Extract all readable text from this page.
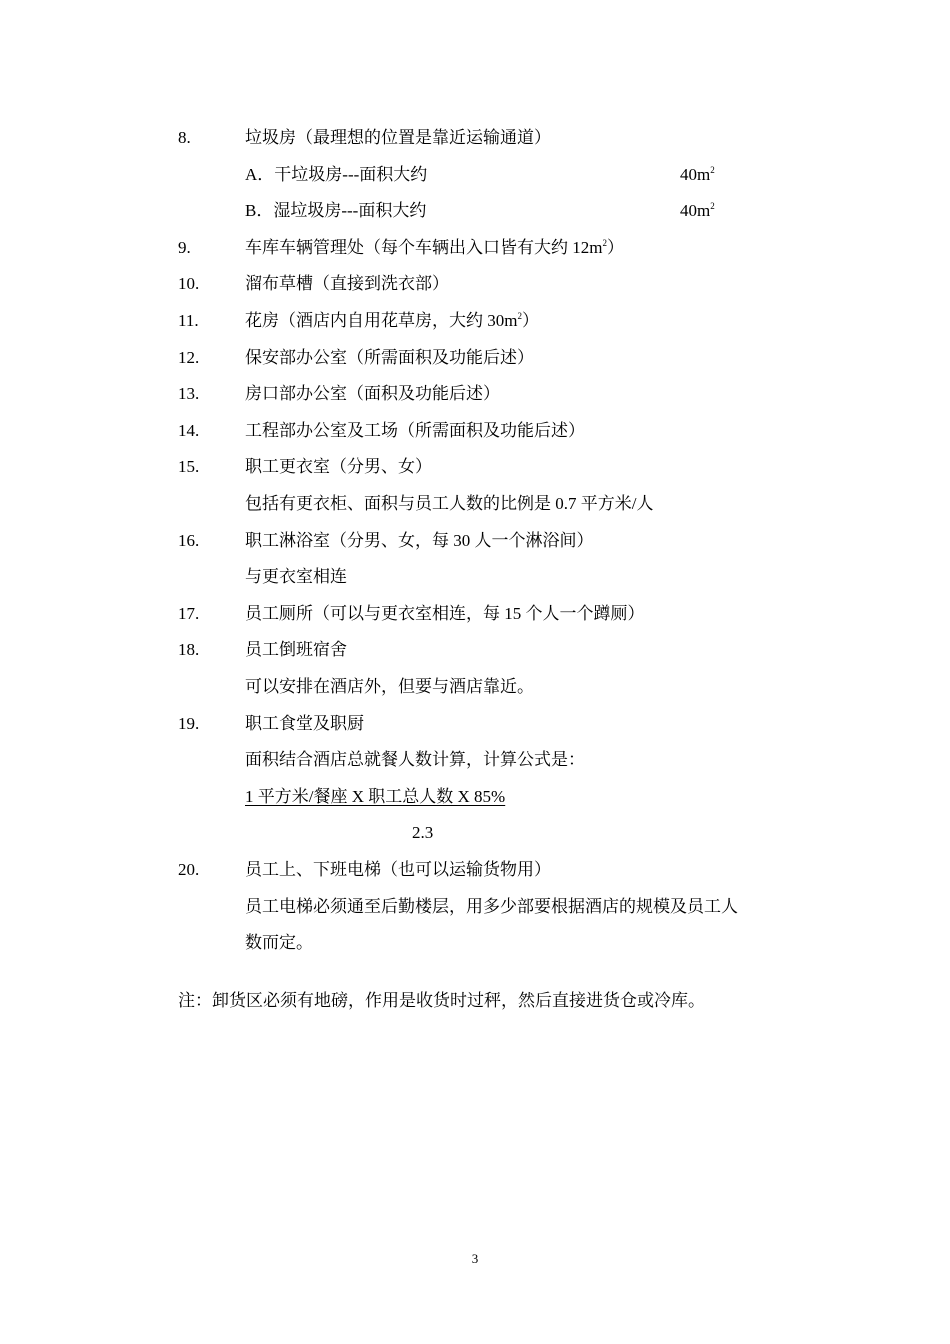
8.	垃圾房（最理想的位置是靠近运输通道）
A．干垃圾房---面积大约	$40m^2$
B．湿垃圾房---面积大约	$40m^2$
9.	车库车辆管理处（每个车辆出入口皆有大约 $12m^2$）
10.	溜布草槽（直接到洗衣部）
11.	花房（酒店内自用花草房，大约 $30m^2$）
12.	保安部办公室（所需面积及功能后述）
13.	房口部办公室（面积及功能后述）
14.	工程部办公室及工场（所需面积及功能后述）
15.	职工更衣室（分男、女）
包括有更衣柜、面积与员工人数的比例是 0.7 平方米/人
16.	职工淋浴室（分男、女，每 30 人一个淋浴间）
与更衣室相连
17.	员工厕所（可以与更衣室相连，每 15 个人一个蹲厕）
18.	员工倒班宿舍
可以安排在酒店外，但要与酒店靠近。
19.	职工食堂及职厨
面积结合酒店总就餐人数计算，计算公式是：
1 平方米/餐座 X 职工总人数 X 85%
2.3
20.	员工上、下班电梯（也可以运输货物用）
员工电梯必须通至后勤楼层，用多少部要根据酒店的规模及员工人
数而定。
注：卸货区必须有地磅，作用是收货时过秤，然后直接进货仓或冷库。
3
